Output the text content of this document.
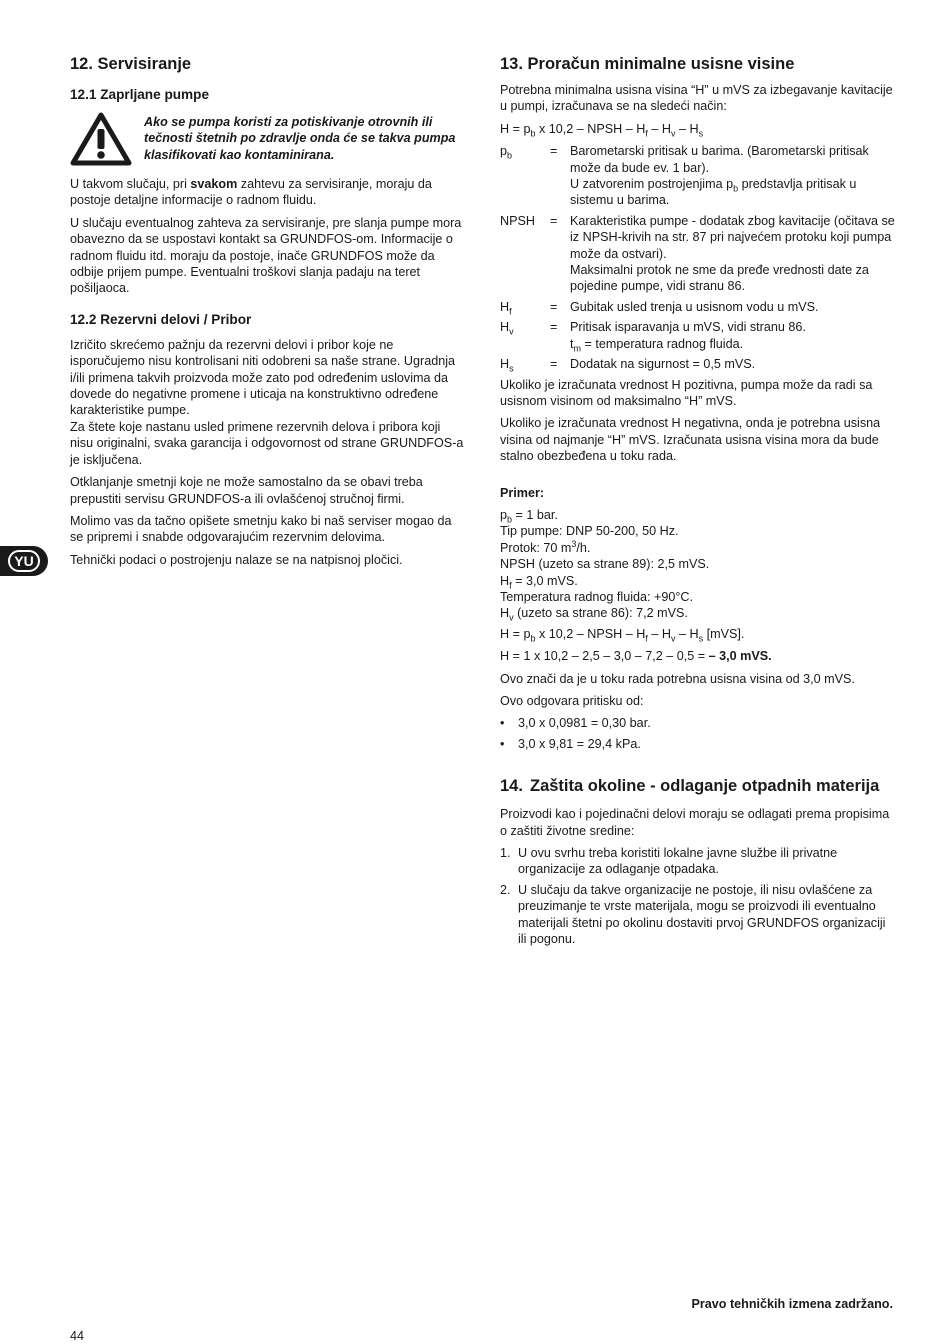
12. Servisiranje
12.1 Zaprljane pumpe
Ako se pumpa koristi za potiskivanje otrovnih ili tečnosti štetnih po zdravlje onda će se takva pumpa klasifikovati kao kontaminirana.

U takvom slučaju, pri svakom zahtevu za servisiranje, moraju da postoje detaljne informacije o radnom fluidu.

U slučaju eventualnog zahteva za servisiranje, pre slanja pumpe mora obavezno da se uspostavi kontakt sa GRUNDFOS-om. Informacije o radnom fluidu itd. moraju da postoje, inače GRUNDFOS može da odbije prijem pumpe. Eventualni troškovi slanja padaju na teret pošiljaoca.

12.2 Rezervni delovi / Pribor

Izričito skrećemo pažnju da rezervni delovi i pribor koje ne isporučujemo nisu kontrolisani niti odobreni sa naše strane. Ugradnja i/ili primena takvih proizvoda može zato pod određenim uslovima da dovede do negativne promene i uticaja na konstruktivno određene karakteristike pumpe.

Za štete koje nastanu usled primene rezervnih delova i pribora koji nisu originalni, svaka garancija i odgovornost od strane GRUNDFOS-a je isključena.

Otklanjanje smetnji koje ne može samostalno da se obavi treba prepustiti servisu GRUNDFOS-a ili ovlašćenoj stručnoj firmi.

Molimo vas da tačno opišete smetnju kako bi naš serviser mogao da se pripremi i snabde odgovarajućim rezervnim delovima.

Tehnički podaci o postrojenju nalaze se na natpisnoj pločici.

13. Proračun minimalne usisne visine

Potrebna minimalna usisna visina “H” u mVS za izbegavanje kavitacije u pumpi, izračunava se na sledeći način:

$H = p_b$ x 10,2 – NPSH – $H_f - H_v - H_s$

$p_b$	=	Barometarski pritisak u barima. (Barometarski pritisak može da bude ev. 1 bar).
U zatvorenim postrojenjima $p_b$ predstavlja pritisak u sistemu u barima.
NPSH	=	Karakteristika pumpe - dodatak zbog kavitacije (očitava se iz NPSH-krivih na str. 87 pri najvećem protoku koji pumpa može da ostvari).
Maksimalni protok ne sme da pređe vrednosti date za pojedine pumpe, vidi stranu 86.
$H_f$	=	Gubitak usled trenja u usisnom vodu u mVS.
$H_v$	=	Pritisak isparavanja u mVS, vidi stranu 86.
$t_m$ = temperatura radnog fluida.
$H_s$	=	Dodatak na sigurnost = 0,5 mVS.

Ukoliko je izračunata vrednost H pozitivna, pumpa može da radi sa usisnom visinom od maksimalno “H” mVS.

Ukoliko je izračunata vrednost H negativna, onda je potrebna usisna visina od najmanje “H” mVS. Izračunata usisna visina mora da bude stalno obezbeđena u toku rada.

Primer:

$p_b = 1$ bar.
Tip pumpe: DNP 50-200, 50 Hz.
Protok: 70 $m^3/h$.
NPSH (uzeto sa strane 89): 2,5 mVS.
$H_f = 3,0$ mVS.
Temperatura radnog fluida: +90°C.
$H_v$ (uzeto sa strane 86): 7,2 mVS.

$H = p_b$ x 10,2 – NPSH – $H_f - H_v - H_s$ [mVS].

H = 1 x 10,2 – 2,5 – 3,0 – 7,2 – 0,5 = – 3,0 mVS.

Ovo znači da je u toku rada potrebna usisna visina od 3,0 mVS.

Ovo odgovara pritisku od:

•	3,0 x 0,0981 = 0,30 bar.
•	3,0 x 9,81 = 29,4 kPa.
14. Zaštita okoline - odlaganje otpadnih materija

Proizvodi kao i pojedinačni delovi moraju se odlagati prema propisima o zaštiti životne sredine:

1. U ovu svrhu treba koristiti lokalne javne službe ili privatne organizacije za odlaganje otpadaka.
2. U slučaju da takve organizacije ne postoje, ili nisu ovlašćene za preuzimanje te vrste materijala, mogu se proizvodi ili eventualno materijali štetni po okolinu dostaviti prvoj GRUNDFOS organizaciji ili pogonu.
YU
Pravo tehničkih izmena zadržano.
44
